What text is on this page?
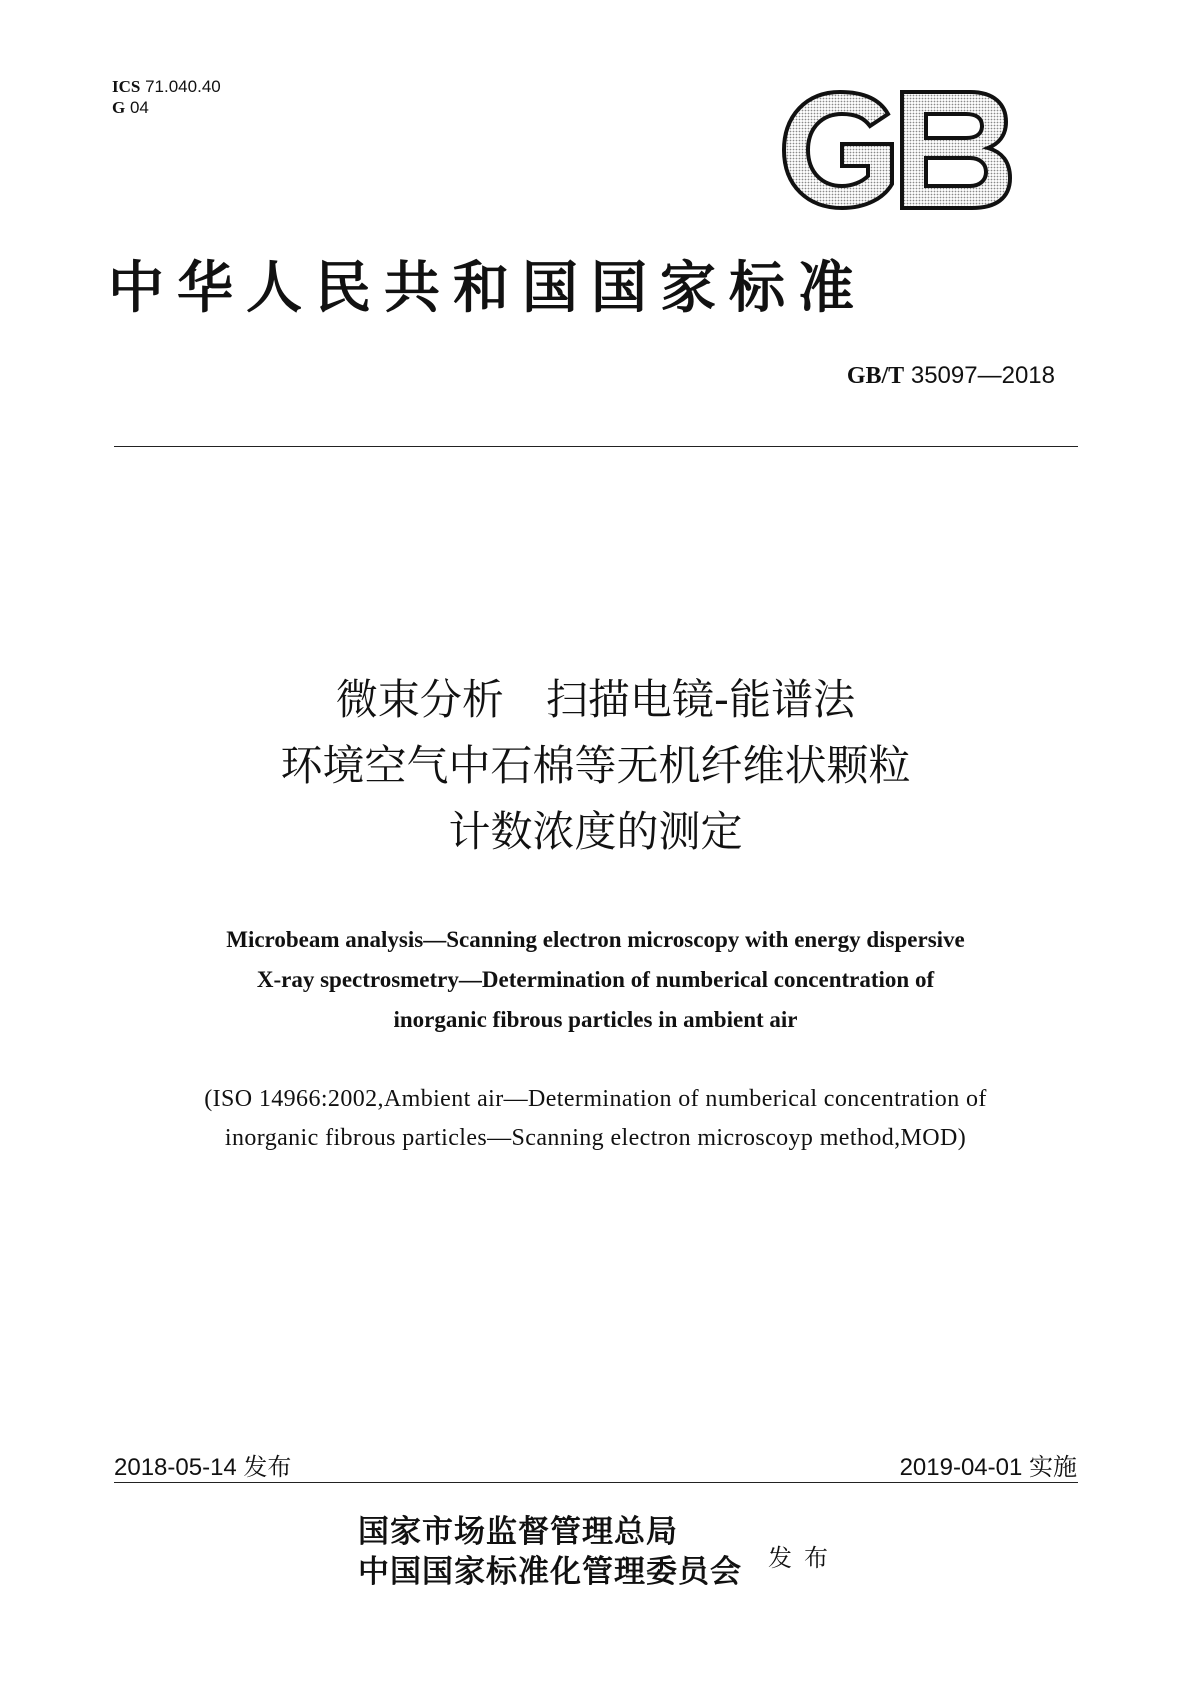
ICS 71.040.40
G 04
中华人民共和国国家标准
GB/T 35097—2018
微束分析　扫描电镜-能谱法
环境空气中石棉等无机纤维状颗粒
计数浓度的测定
Microbeam analysis—Scanning electron microscopy with energy dispersive
X-ray spectrosmetry—Determination of numberical concentration of
inorganic fibrous particles in ambient air
(ISO 14966:2002,Ambient air—Determination of numberical concentration of
inorganic fibrous particles—Scanning electron microscoyp method,MOD)
2018-05-14 发布	2019-04-01 实施
国家市场监督管理总局
中国国家标准化管理委员会 发布
